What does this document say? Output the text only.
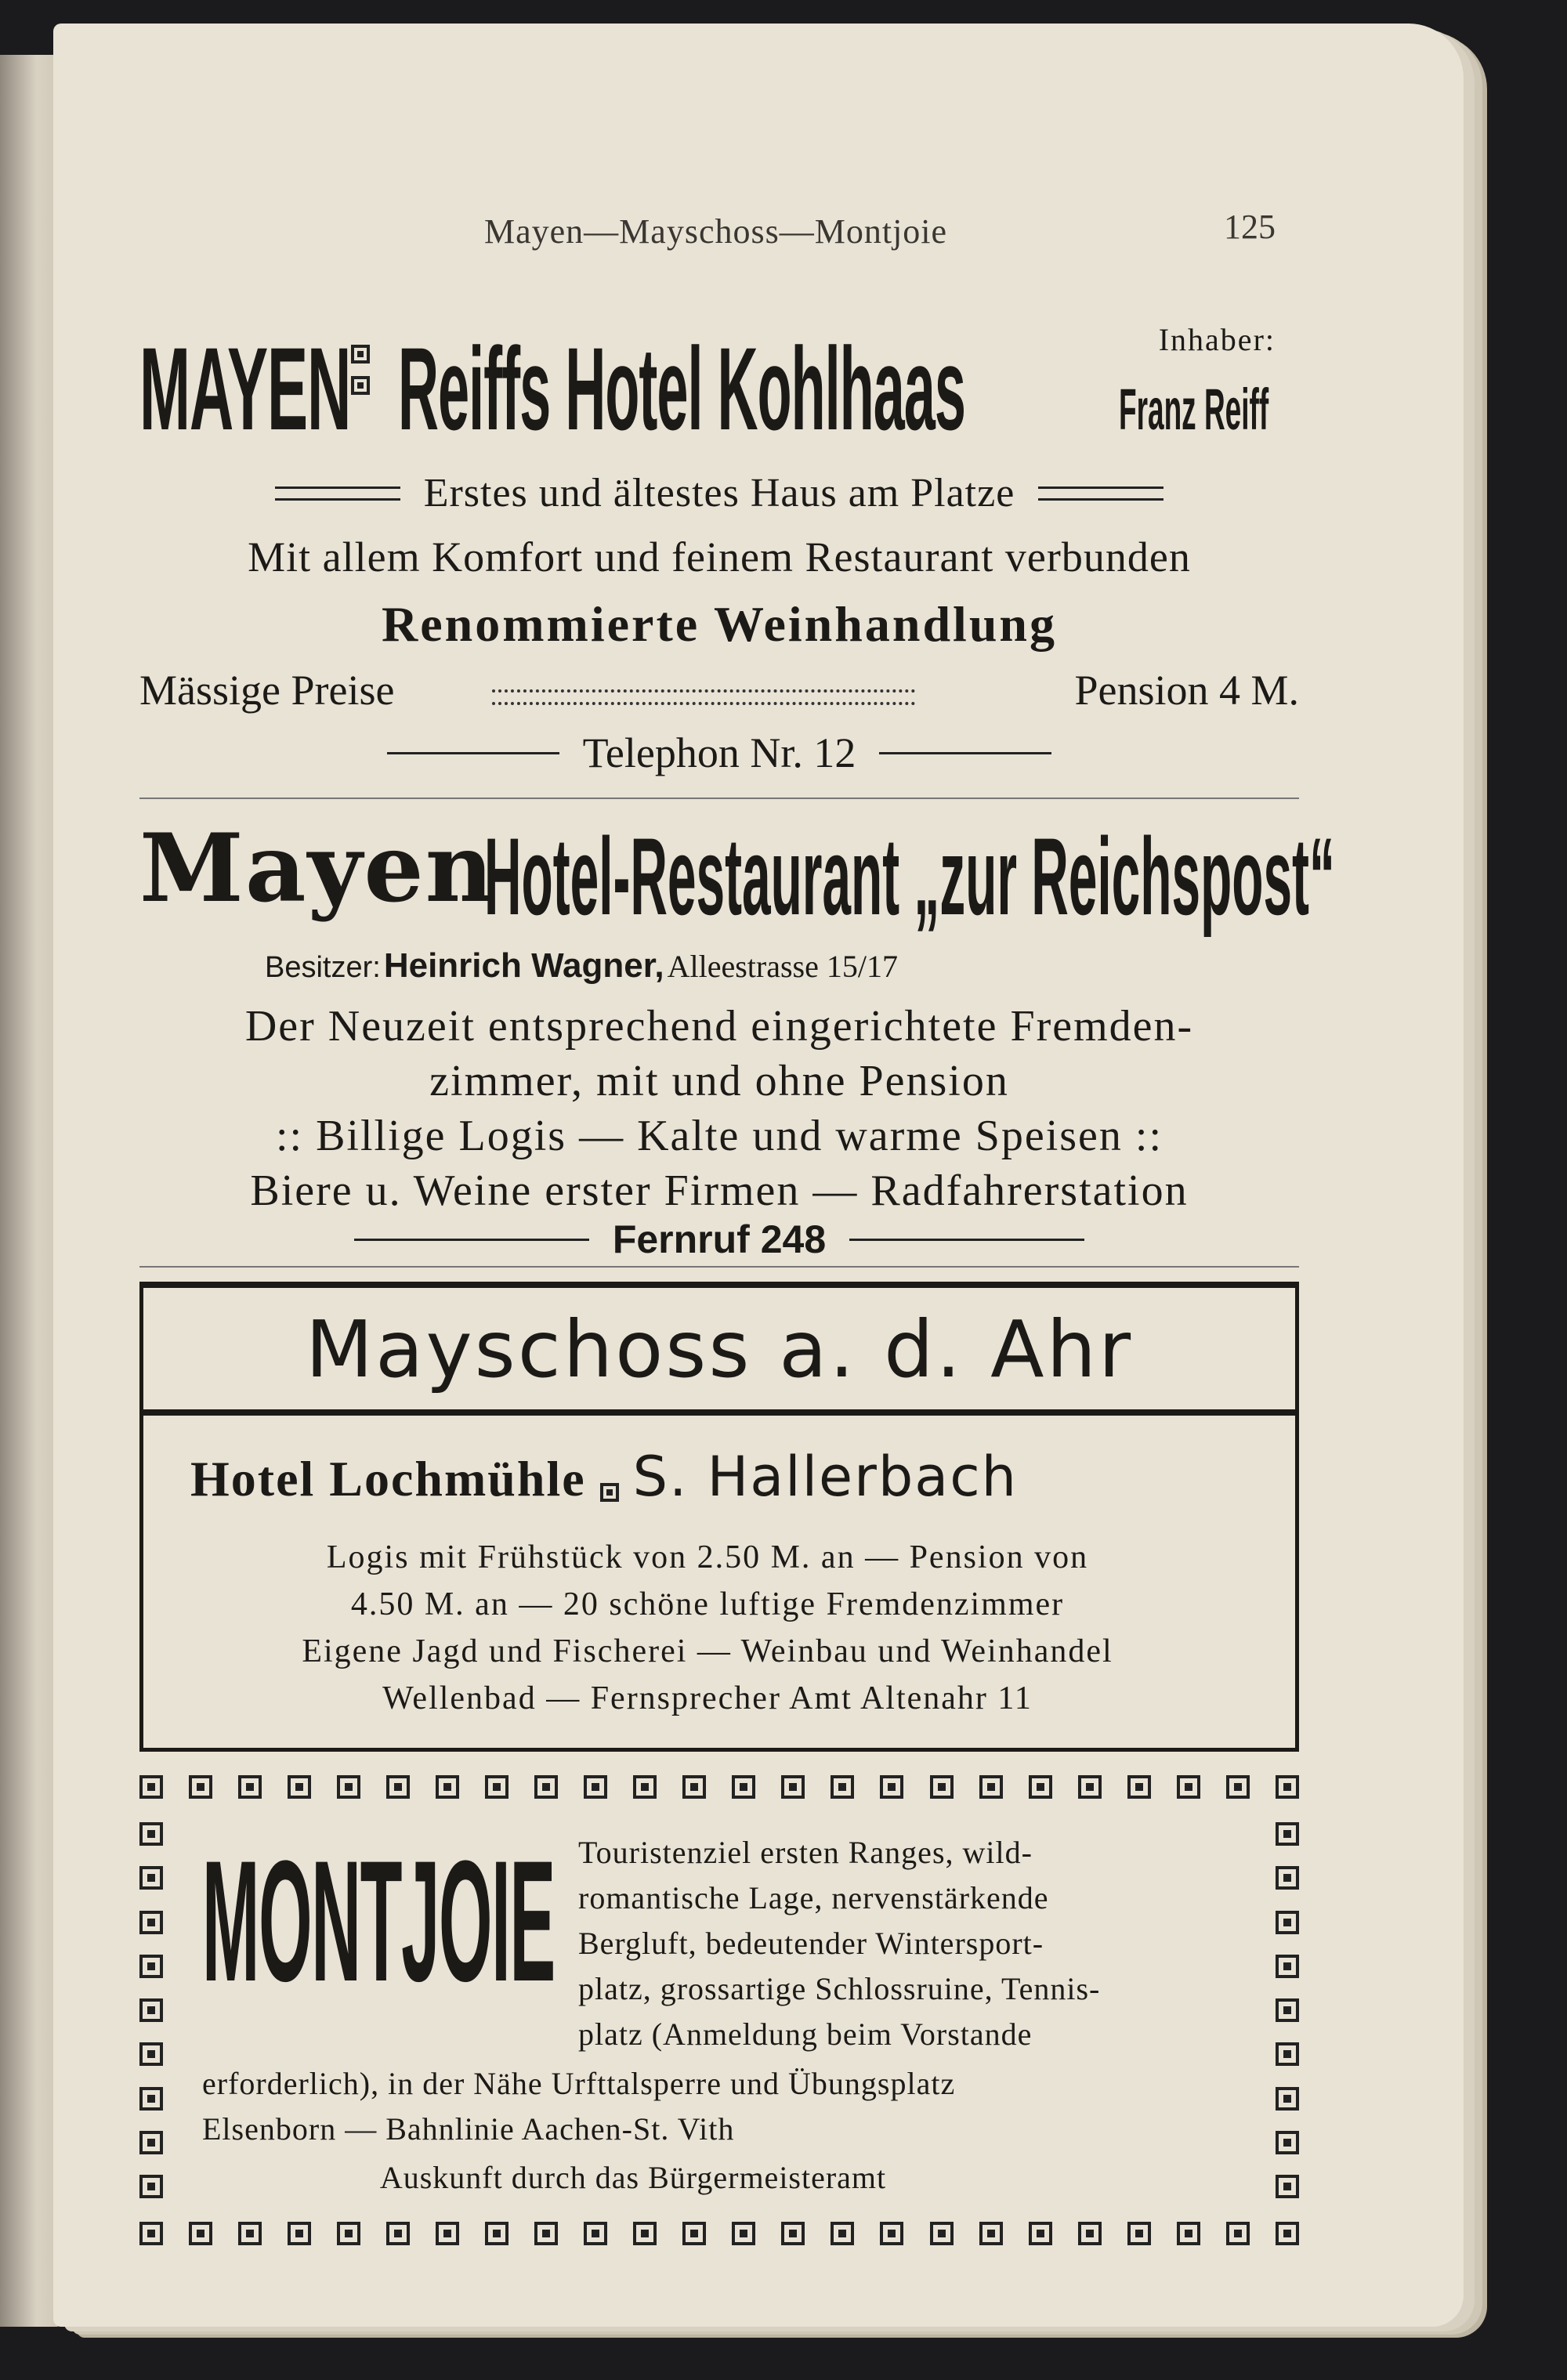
Mayen—Mayschoss—Montjoie	125
MAYEN Reiffs Hotel Kohlhaas	Inhaber:
Franz Reiff
Erstes und ältestes Haus am Platze
Mit allem Komfort und feinem Restaurant verbunden
Renommierte Weinhandlung
Mässige Preise	Pension 4 M.
Telephon Nr. 12
Mayen
Hotel-Restaurant „zur Reichspost“
Besitzer: Heinrich Wagner, Alleestrasse 15/17
Der Neuzeit entsprechend eingerichtete Fremden-
zimmer, mit und ohne Pension
:: Billige Logis — Kalte und warme Speisen ::
Biere u. Weine erster Firmen — Radfahrerstation
Fernruf 248
Mayschoss a. d. Ahr
Hotel Lochmühle S. Hallerbach
Logis mit Frühstück von 2.50 M. an — Pension von
4.50 M. an — 20 schöne luftige Fremdenzimmer
Eigene Jagd und Fischerei — Weinbau und Weinhandel
Wellenbad — Fernsprecher Amt Altenahr 11
MONTJOIE Touristenziel ersten Ranges, wild-
romantische Lage, nervenstärkende
Bergluft, bedeutender Wintersport-
platz, grossartige Schlossruine, Tennis-
platz (Anmeldung beim Vorstande
erforderlich), in der Nähe Urfttalsperre und Übungsplatz
Elsenborn — Bahnlinie Aachen-St. Vith
Auskunft durch das Bürgermeisteramt
